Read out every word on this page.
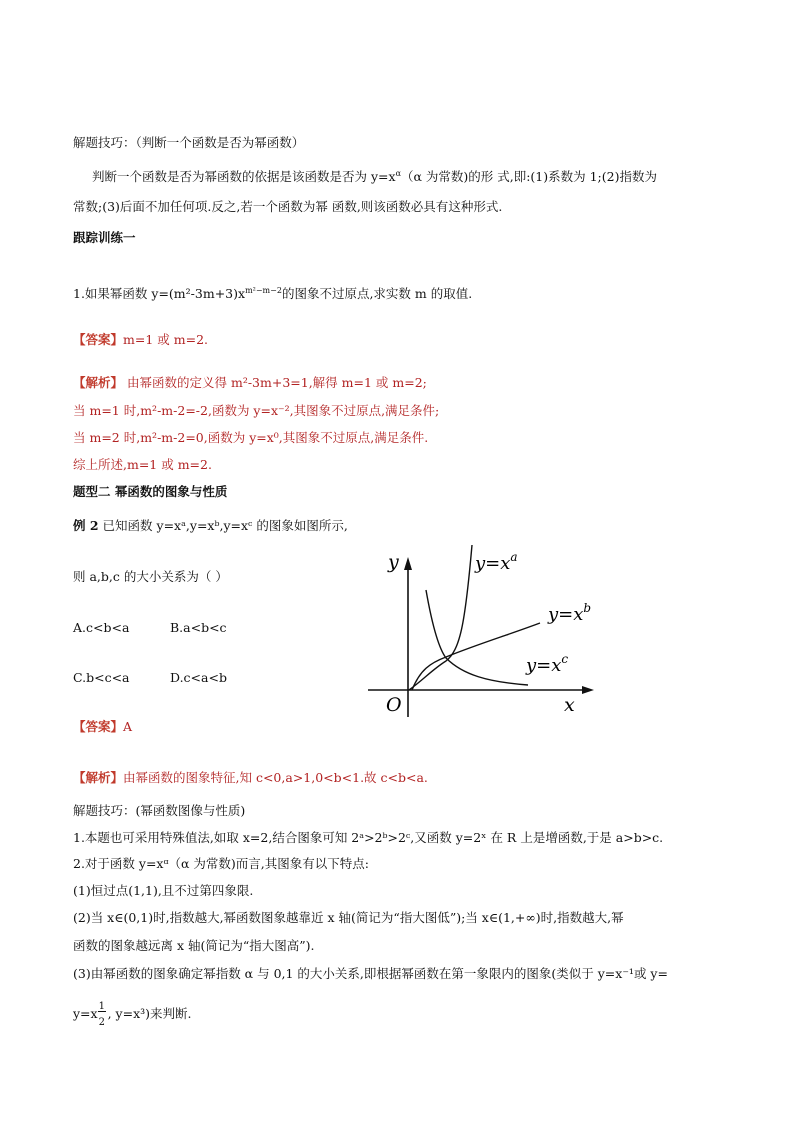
解题技巧：（判断一个函数是否为幂函数）
判断一个函数是否为幂函数的依据是该函数是否为 $y=x^\alpha(\alpha$ 为常数)的形 式,即:(1)系数为 1;(2)指数为
常数;(3)后面不加任何项.反之,若一个函数为幂 函数,则该函数必具有这种形式.
跟踪训练一
1.如果幂函数 $y=(m^2-3m+3)x^{m^2-m-2}$的图象不过原点,求实数 m 的取值.
【答案】m=1 或 m=2.
【解析】 由幂函数的定义得 m²-3m+3=1,解得 m=1 或 m=2;
当 m=1 时,m²-m-2=-2,函数为 y=x⁻²,其图象不过原点,满足条件;
当 m=2 时,m²-m-2=0,函数为 y=x⁰,其图象不过原点,满足条件.
综上所述,m=1 或 m=2.
题型二 幂函数的图象与性质
例 2 已知函数 y=xᵃ,y=xᵇ,y=xᶜ 的图象如图所示,
则 a,b,c 的大小关系为（ ）
A.c<b<a	B.a<b<c
C.b<c<a	D.c<a<b
【答案】A
【解析】由幂函数的图象特征,知 c<0,a>1,0<b<1.故 c<b<a.
y
x
O
$y=x^a$
$y=x^b$
$y=x^c$
解题技巧：(幂函数图像与性质)
1.本题也可采用特殊值法,如取 x=2,结合图象可知 2ᵃ>2ᵇ>2ᶜ,又函数 y=2ˣ 在 R 上是增函数,于是 a>b>c.
2.对于函数 y=xᵅ（α 为常数)而言,其图象有以下特点:
(1)恒过点(1,1),且不过第四象限.
(2)当 x∈(0,1)时,指数越大,幂函数图象越靠近 x 轴(简记为“指大图低”);当 x∈(1,+∞)时,指数越大,幂
函数的图象越远离 x 轴(简记为“指大图高”).
(3)由幂函数的图象确定幂指数 α 与 0,1 的大小关系,即根据幂函数在第一象限内的图象(类似于 y=x⁻¹或 y=
y=x
$\frac{1}{2}$
, y=x³)来判断.
